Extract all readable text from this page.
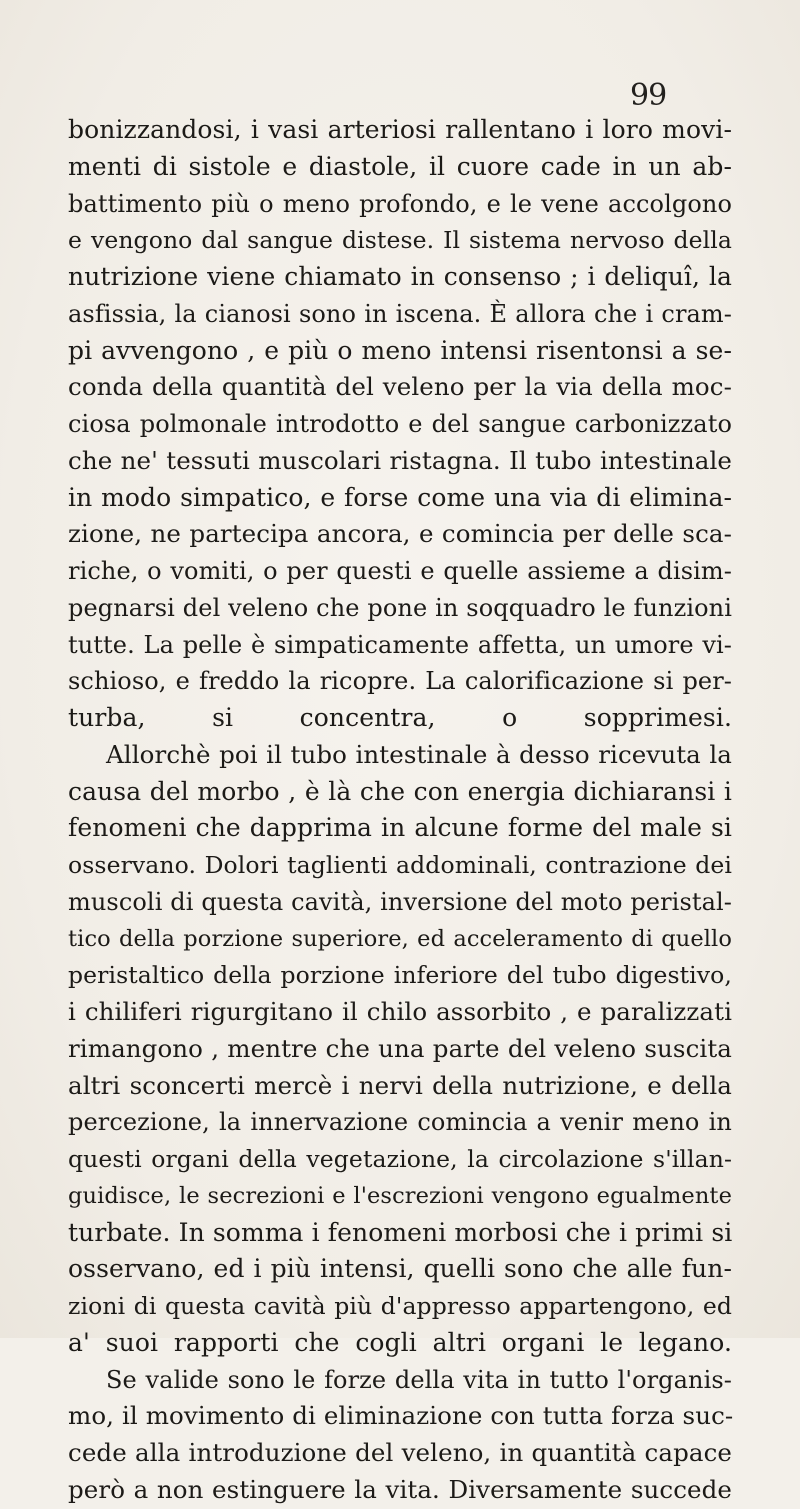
99
bonizzandosi, i vasi arteriosi rallentano i loro movi-
menti di sistole e diastole, il cuore cade in un ab-
battimento più o meno profondo, e le vene accolgono
e vengono dal sangue distese. Il sistema nervoso della
nutrizione viene chiamato in consenso ; i deliquî, la
asfissia, la cianosi sono in iscena. È allora che i cram-
pi avvengono , e più o meno intensi risentonsi a se-
conda della quantità del veleno per la via della moc-
ciosa polmonale introdotto e del sangue carbonizzato
che ne' tessuti muscolari ristagna. Il tubo intestinale
in modo simpatico, e forse come una via di elimina-
zione, ne partecipa ancora, e comincia per delle sca-
riche, o vomiti, o per questi e quelle assieme a disim-
pegnarsi del veleno che pone in soqquadro le funzioni
tutte. La pelle è simpaticamente affetta, un umore vi-
schioso, e freddo la ricopre. La calorificazione si per-
turba, si concentra, o sopprimesi.
Allorchè poi il tubo intestinale à desso ricevuta la
causa del morbo , è là che con energia dichiaransi i
fenomeni che dapprima in alcune forme del male si
osservano. Dolori taglienti addominali, contrazione dei
muscoli di questa cavità, inversione del moto peristal-
tico della porzione superiore, ed acceleramento di quello
peristaltico della porzione inferiore del tubo digestivo,
i chiliferi rigurgitano il chilo assorbito , e paralizzati
rimangono , mentre che una parte del veleno suscita
altri sconcerti mercè i nervi della nutrizione, e della
percezione, la innervazione comincia a venir meno in
questi organi della vegetazione, la circolazione s'illan-
guidisce, le secrezioni e l'escrezioni vengono egualmente
turbate. In somma i fenomeni morbosi che i primi si
osservano, ed i più intensi, quelli sono che alle fun-
zioni di questa cavità più d'appresso appartengono, ed
a' suoi rapporti che cogli altri organi le legano.
Se valide sono le forze della vita in tutto l'organis-
mo, il movimento di eliminazione con tutta forza suc-
cede alla introduzione del veleno, in quantità capace
però a non estinguere la vita. Diversamente succede
